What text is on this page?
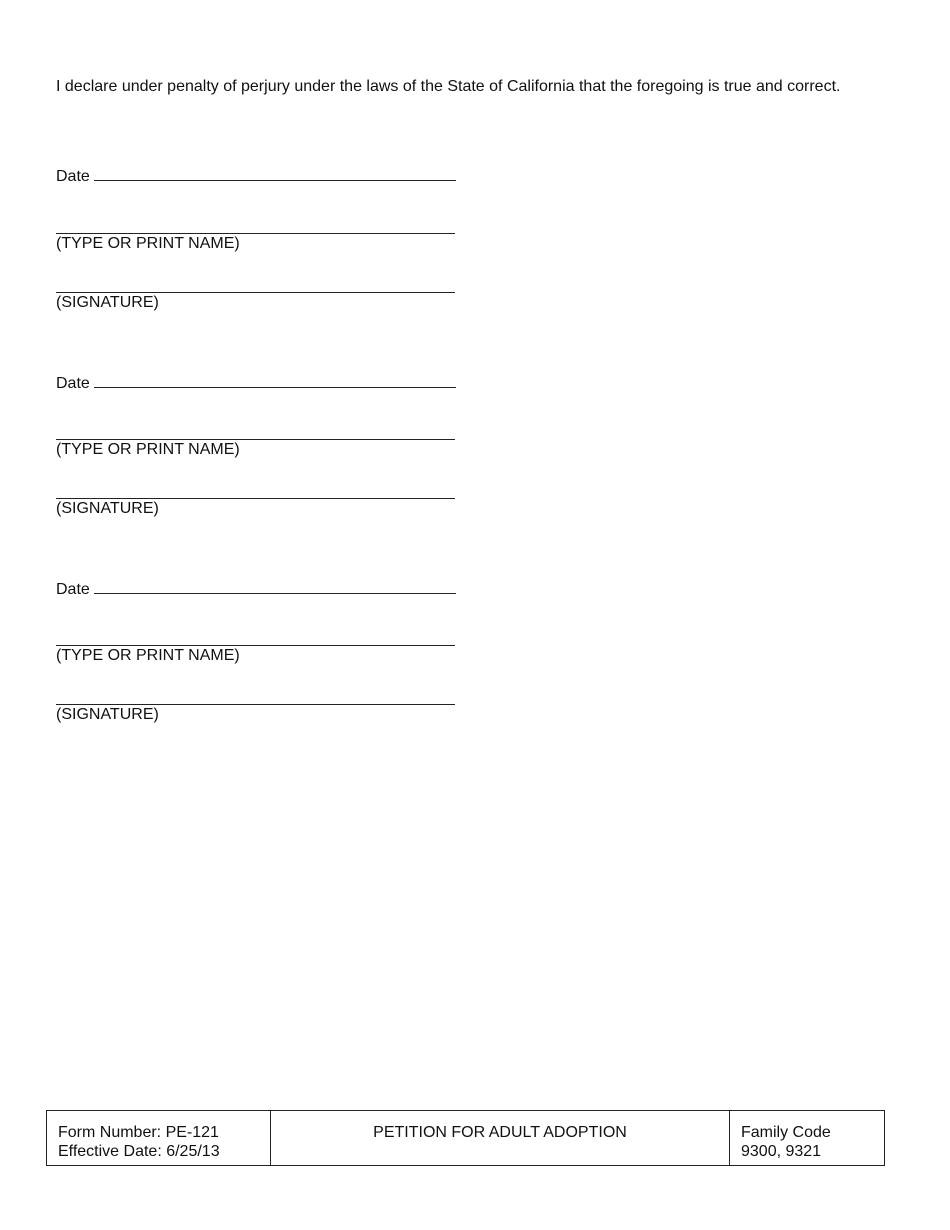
I declare under penalty of perjury under the laws of the State of California that the foregoing is true and correct.
Date
(TYPE OR PRINT NAME)
(SIGNATURE)
Date
(TYPE OR PRINT NAME)
(SIGNATURE)
Date
(TYPE OR PRINT NAME)
(SIGNATURE)
Form Number: PE-121
Effective Date: 6/25/13
PETITION FOR ADULT ADOPTION	Family Code
9300, 9321
